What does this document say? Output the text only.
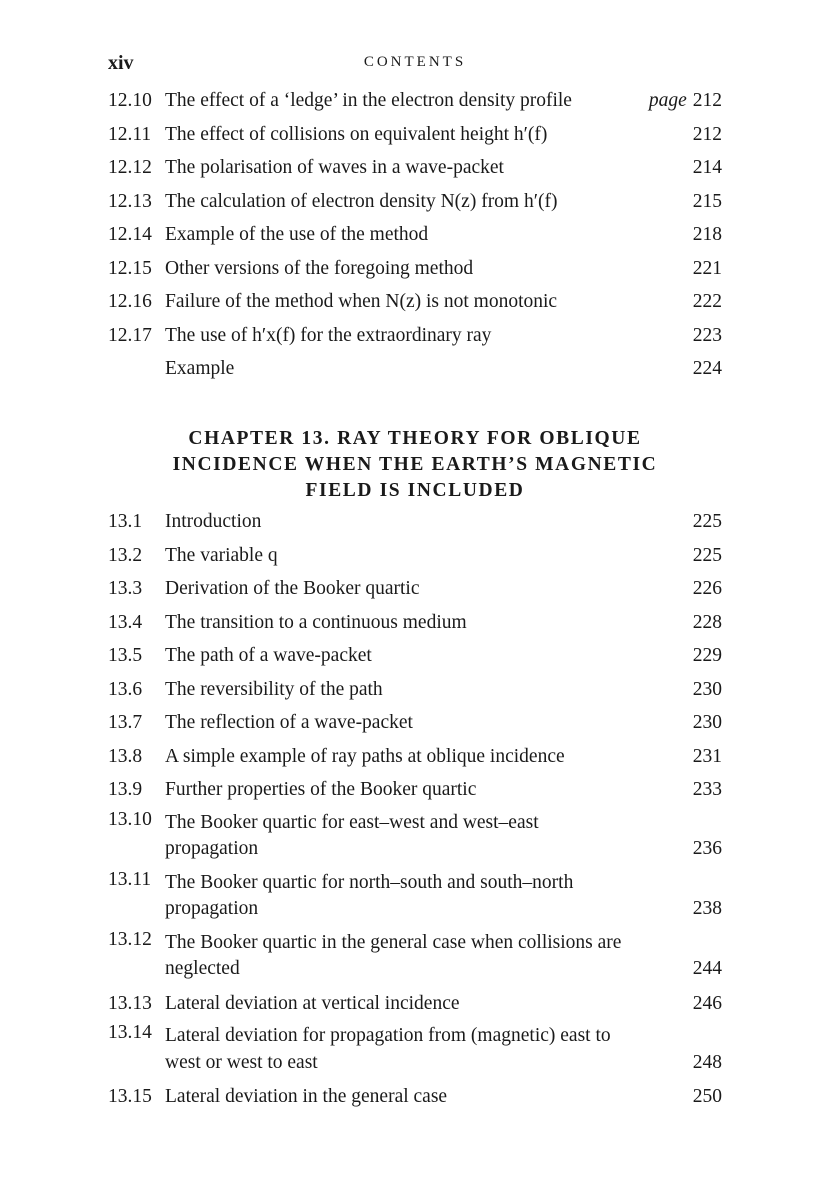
xiv	CONTENTS
12.10 The effect of a ‘ledge’ in the electron density profile	page 212
12.11 The effect of collisions on equivalent height h′(f)	212
12.12 The polarisation of waves in a wave-packet	214
12.13 The calculation of electron density N(z) from h′(f)	215
12.14 Example of the use of the method	218
12.15 Other versions of the foregoing method	221
12.16 Failure of the method when N(z) is not monotonic	222
12.17 The use of h′x(f) for the extraordinary ray	223
Example	224
CHAPTER 13. RAY THEORY FOR OBLIQUE
INCIDENCE WHEN THE EARTH’S MAGNETIC
FIELD IS INCLUDED
13.1 Introduction	225
13.2 The variable q	225
13.3 Derivation of the Booker quartic	226
13.4 The transition to a continuous medium	228
13.5 The path of a wave-packet	229
13.6 The reversibility of the path	230
13.7 The reflection of a wave-packet	230
13.8 A simple example of ray paths at oblique incidence	231
13.9 Further properties of the Booker quartic	233
13.10 The Booker quartic for east–west and west–east propagation	236
13.11 The Booker quartic for north–south and south–north propagation	238
13.12 The Booker quartic in the general case when collisions are neglected	244
13.13 Lateral deviation at vertical incidence	246
13.14 Lateral deviation for propagation from (magnetic) east to west or west to east	248
13.15 Lateral deviation in the general case	250
